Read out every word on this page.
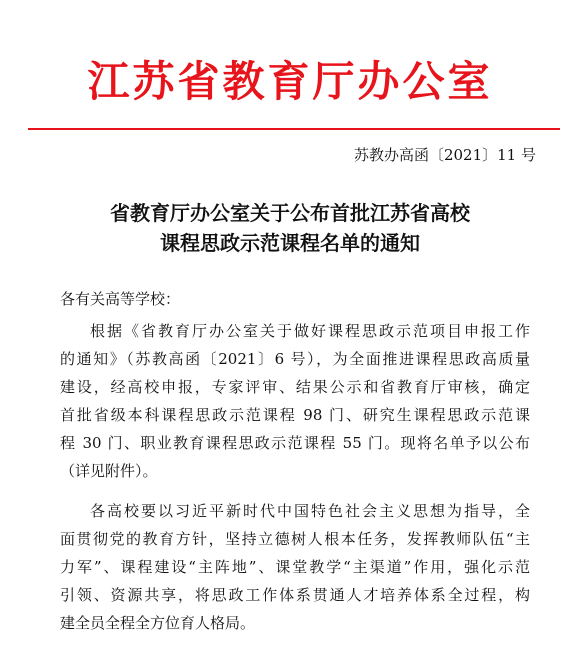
江苏省教育厅办公室
苏教办高函〔2021〕11 号
省教育厅办公室关于公布首批江苏省高校
课程思政示范课程名单的通知
各有关高等学校：
根据《省教育厅办公室关于做好课程思政示范项目申报工作
的通知》（苏教高函〔2021〕6 号），为全面推进课程思政高质量
建设，经高校申报，专家评审、结果公示和省教育厅审核，确定
首批省级本科课程思政示范课程 98 门、研究生课程思政示范课
程 30 门、职业教育课程思政示范课程 55 门。现将名单予以公布
（详见附件）。
各高校要以习近平新时代中国特色社会主义思想为指导，全
面贯彻党的教育方针，坚持立德树人根本任务，发挥教师队伍“主
力军”、课程建设“主阵地”、课堂教学“主渠道”作用，强化示范
引领、资源共享，将思政工作体系贯通人才培养体系全过程，构
建全员全程全方位育人格局。
